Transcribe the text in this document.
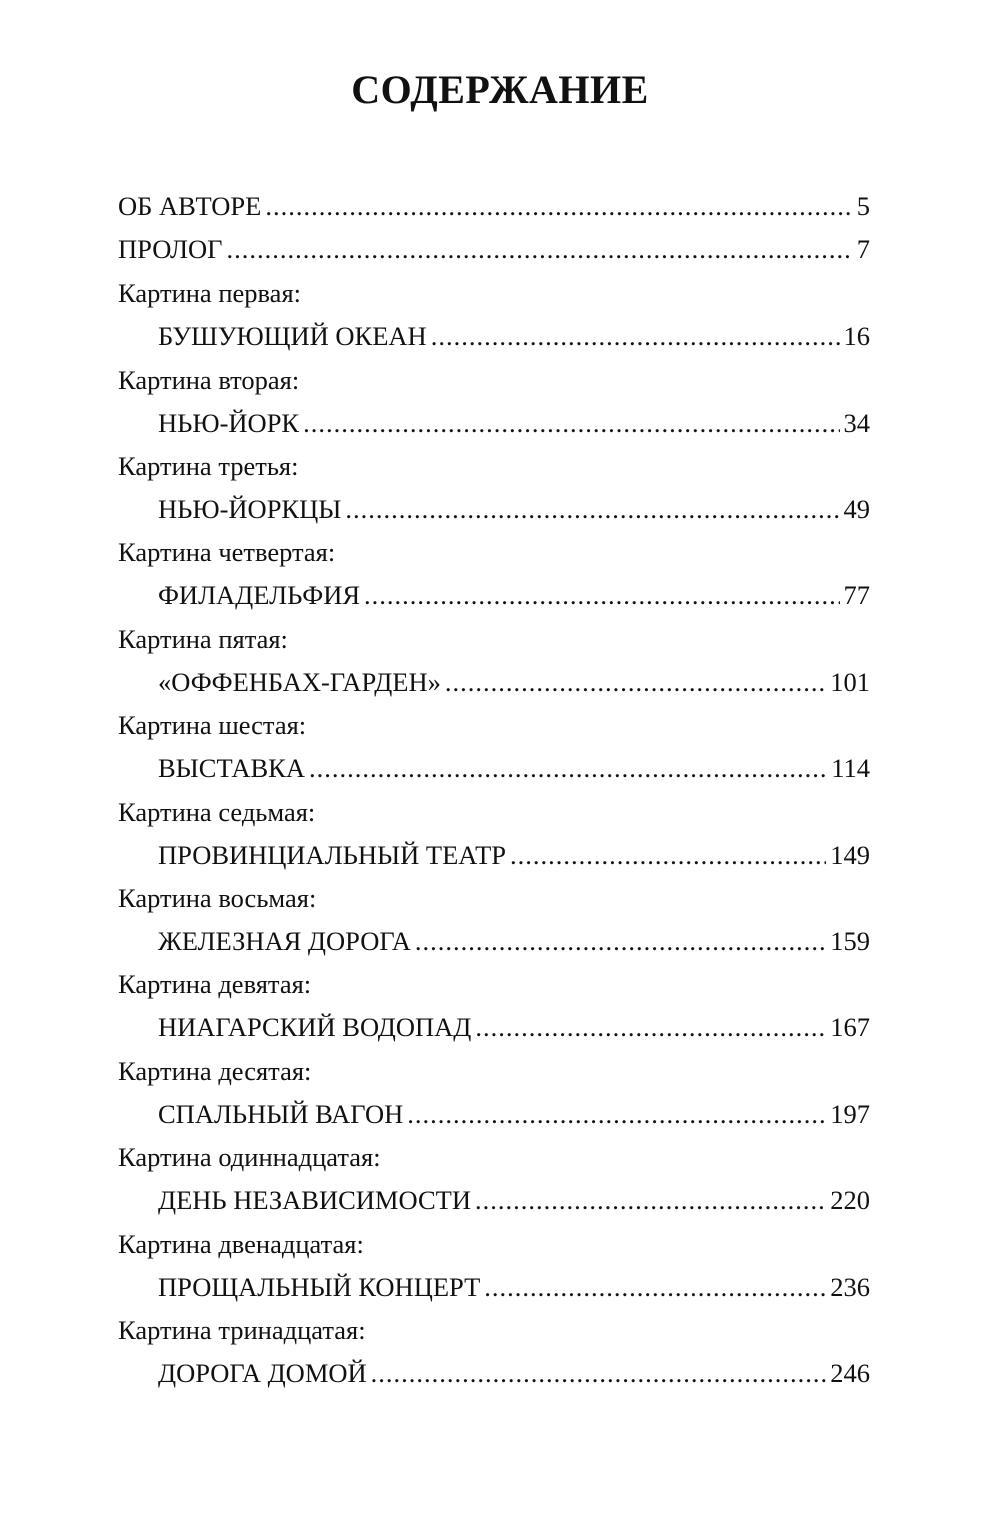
СОДЕРЖАНИЕ
ОБ АВТОРЕ .....	5
ПРОЛОГ .....	7

Картина первая:

БУШУЮЩИЙ ОКЕАН .....	16

Картина вторая:

НЬЮ-ЙОРК .....	34

Картина третья:

НЬЮ-ЙОРКЦЫ .....	49

Картина четвертая:

ФИЛАДЕЛЬФИЯ .....	77

Картина пятая:

«ОФФЕНБАХ-ГАРДЕН» .....	101

Картина шестая:

ВЫСТАВКА .....	114

Картина седьмая:

ПРОВИНЦИАЛЬНЫЙ ТЕАТР .....	149

Картина восьмая:

ЖЕЛЕЗНАЯ ДОРОГА .....	159

Картина девятая:

НИАГАРСКИЙ ВОДОПАД .....	167

Картина десятая:

СПАЛЬНЫЙ ВАГОН .....	197

Картина одиннадцатая:

ДЕНЬ НЕЗАВИСИМОСТИ .....	220

Картина двенадцатая:

ПРОЩАЛЬНЫЙ КОНЦЕРТ .....	236

Картина тринадцатая:

ДОРОГА ДОМОЙ .....	246
